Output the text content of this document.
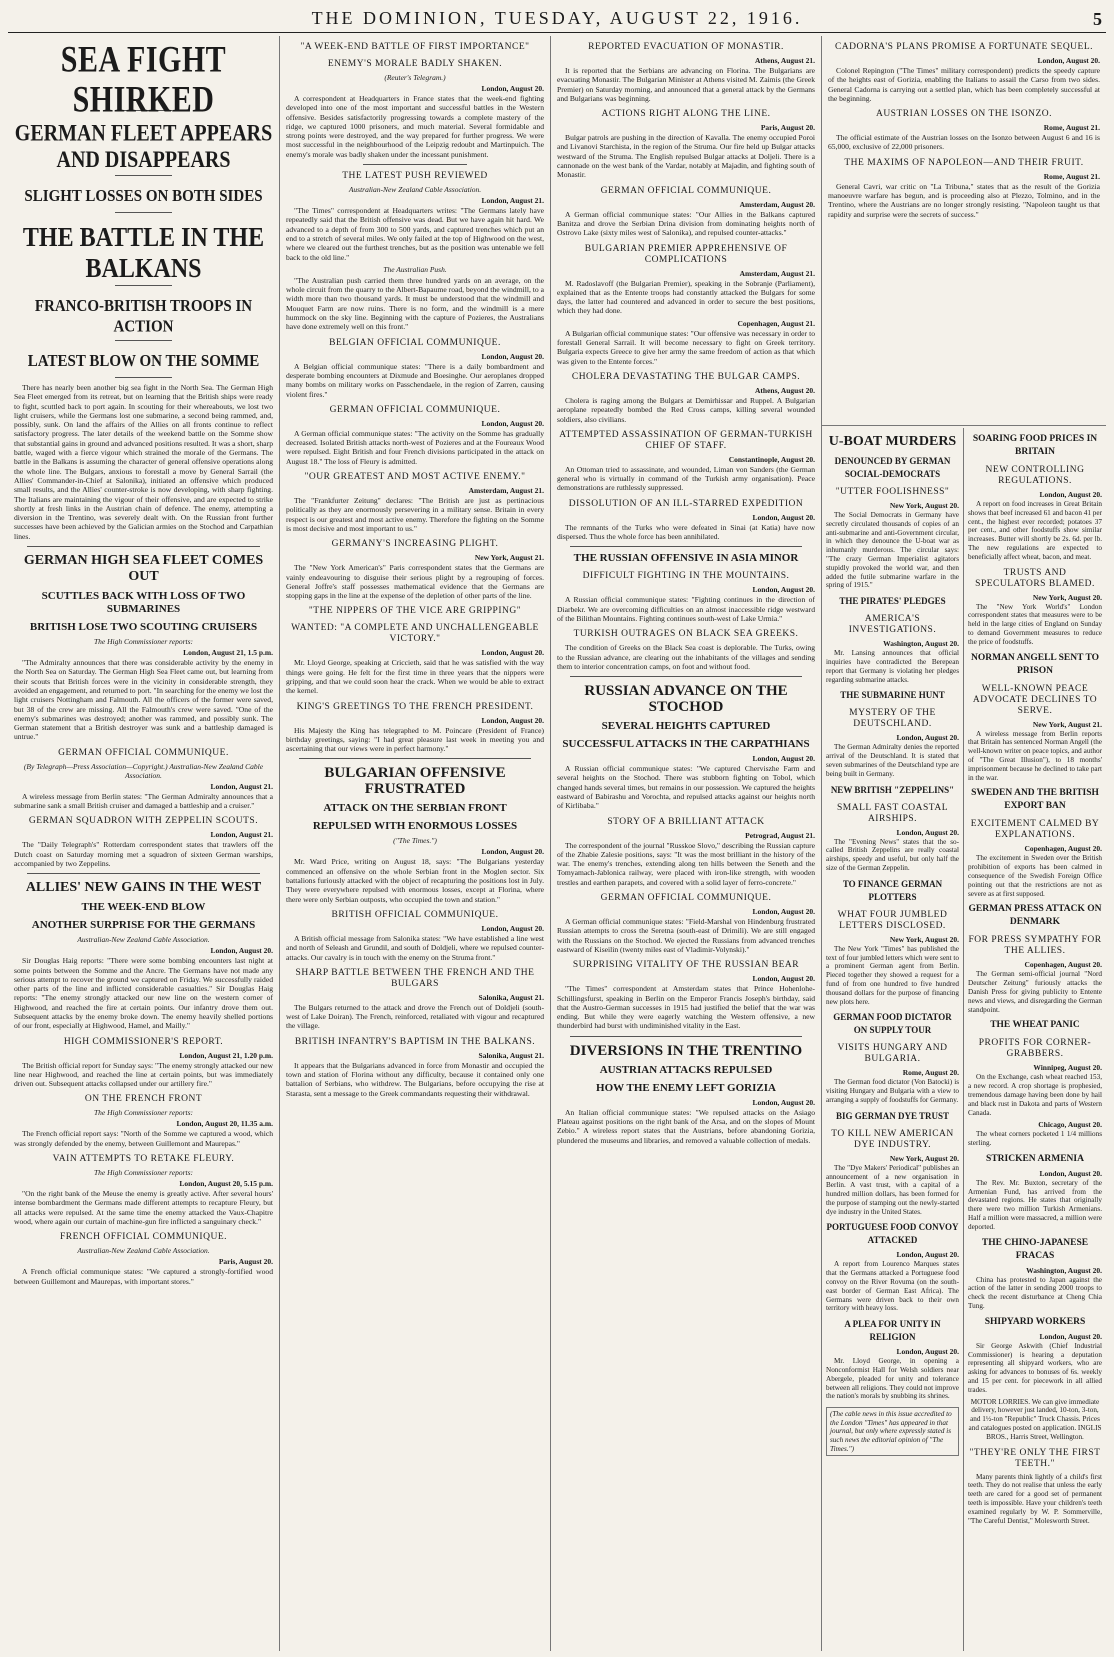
THE DOMINION, TUESDAY, AUGUST 22, 1916.	5
SEA FIGHT SHIRKED
GERMAN FLEET APPEARS AND DISAPPEARS
SLIGHT LOSSES ON BOTH SIDES
THE BATTLE IN THE BALKANS
FRANCO-BRITISH TROOPS IN ACTION
LATEST BLOW ON THE SOMME
There has nearly been another big sea fight in the North Sea. The German High Sea Fleet emerged from its retreat, but on learning that the British ships were ready to fight, scuttled back to port again. In scouting for their whereabouts, we lost two light cruisers, while the Germans lost one submarine, a second being rammed, and, possibly, sunk. On land the affairs of the Allies on all fronts continue to reflect satisfactory progress. The later details of the weekend battle on the Somme show that substantial gains in ground and advanced positions resulted. It was a short, sharp battle, waged with a fierce vigour which strained the morale of the Germans. The battle in the Balkans is assuming the character of general offensive operations along the whole line. The Bulgars, anxious to forestall a move by General Sarrail (the Allies' Commander-in-Chief at Salonika), initiated an offensive which produced small results, and the Allies' counter-stroke is now developing, with sharp fighting. The Italians are maintaining the vigour of their offensive, and are expected to strike shortly at fresh links in the Austrian chain of defence. The enemy, attempting a diversion in the Trentino, was severely dealt with. On the Russian front further successes have been achieved by the Galician armies on the Stochod and Carpathian lines.
GERMAN HIGH SEA FLEET COMES OUT
SCUTTLES BACK WITH LOSS OF TWO SUBMARINES
BRITISH LOSE TWO SCOUTING CRUISERS
The High Commissioner reports:
London, August 21, 1.5 p.m.
"The Admiralty announces that there was considerable activity by the enemy in the North Sea on Saturday. The German High Sea Fleet came out, but learning from their scouts that British forces were in the vicinity in considerable strength, they avoided an engagement, and returned to port. "In searching for the enemy we lost the light cruisers Nottingham and Falmouth. All the officers of the former were saved, but 38 of the crew are missing. All the Falmouth's crew were saved. "One of the enemy's submarines was destroyed; another was rammed, and possibly sunk. The German statement that a British destroyer was sunk and a battleship damaged is untrue."
GERMAN OFFICIAL COMMUNIQUE.
(By Telegraph—Press Association—Copyright.) Australian-New Zealand Cable Association.
London, August 21.
A wireless message from Berlin states: "The German Admiralty announces that a submarine sank a small British cruiser and damaged a battleship and a cruiser."
GERMAN SQUADRON WITH ZEPPELIN SCOUTS.
London, August 21.
The "Daily Telegraph's" Rotterdam correspondent states that trawlers off the Dutch coast on Saturday morning met a squadron of sixteen German warships, accompanied by two Zeppelins.
ALLIES' NEW GAINS IN THE WEST
THE WEEK-END BLOW
ANOTHER SURPRISE FOR THE GERMANS
Australian-New Zealand Cable Association.
London, August 20.
Sir Douglas Haig reports: "There were some bombing encounters last night at some points between the Somme and the Ancre. The Germans have not made any serious attempt to recover the ground we captured on Friday. We successfully raided other parts of the line and inflicted considerable casualties." Sir Douglas Haig reports: "The enemy strongly attacked our new line on the western corner of Highwood, and reached the fire at certain points. Our infantry drove them out. Subsequent attacks by the enemy broke down. The enemy heavily shelled portions of our front, especially at Highwood, Hamel, and Mailly."
HIGH COMMISSIONER'S REPORT.
London, August 21, 1.20 p.m.
The British official report for Sunday says: "The enemy strongly attacked our new line near Highwood, and reached the line at certain points, but was immediately driven out. Subsequent attacks collapsed under our artillery fire."
ON THE FRENCH FRONT
The High Commissioner reports:
London, August 20, 11.35 a.m.
The French official report says: "North of the Somme we captured a wood, which was strongly defended by the enemy, between Guillemont and Maurepas."
VAIN ATTEMPTS TO RETAKE FLEURY.
The High Commissioner reports:
London, August 20, 5.15 p.m.
"On the right bank of the Meuse the enemy is greatly active. After several hours' intense bombardment the Germans made different attempts to recapture Fleury, but all attacks were repulsed. At the same time the enemy attacked the Vaux-Chapitre wood, where again our curtain of machine-gun fire inflicted a sanguinary check."
FRENCH OFFICIAL COMMUNIQUE.
Australian-New Zealand Cable Association.
Paris, August 20.
A French official communique states: "We captured a strongly-fortified wood between Guillemont and Maurepas, with important stores."
"A WEEK-END BATTLE OF FIRST IMPORTANCE"
ENEMY'S MORALE BADLY SHAKEN.
(Reuter's Telegram.)
London, August 20.
A correspondent at Headquarters in France states that the week-end fighting developed into one of the most important and successful battles in the Western offensive. Besides satisfactorily progressing towards a complete mastery of the ridge, we captured 1000 prisoners, and much material. Several formidable and strong points were destroyed, and the way prepared for further progress. We were most successful in the neighbourhood of the Leipzig redoubt and Martinpuich. The enemy's morale was badly shaken under the incessant punishment.
THE LATEST PUSH REVIEWED
Australian-New Zealand Cable Association.
London, August 21.
"The Times" correspondent at Headquarters writes: "The Germans lately have repeatedly said that the British offensive was dead. But we have again hit hard. We advanced to a depth of from 300 to 500 yards, and captured trenches which put an end to a stretch of several miles. We only failed at the top of Highwood on the west, where we cleared out the furthest trenches, but as the position was untenable we fell back to the old line."
The Australian Push.
"The Australian push carried them three hundred yards on an average, on the whole circuit from the quarry to the Albert-Bapaume road, beyond the windmill, to a width more than two thousand yards. It must be understood that the windmill and Mouquet Farm are now ruins. There is no form, and the windmill is a mere hummock on the sky line. Beginning with the capture of Pozieres, the Australians have done extremely well on this front."
BELGIAN OFFICIAL COMMUNIQUE.
London, August 20.
A Belgian official communique states: "There is a daily bombardment and desperate bombing encounters at Dixmude and Boesinghe. Our aeroplanes dropped many bombs on military works on Passchendaele, in the region of Zarren, causing violent fires."
GERMAN OFFICIAL COMMUNIQUE.
London, August 20.
A German official communique states: "The activity on the Somme has gradually decreased. Isolated British attacks north-west of Pozieres and at the Foureaux Wood were repulsed. Eight British and four French divisions participated in the attack on August 18." The loss of Fleury is admitted.
"OUR GREATEST AND MOST ACTIVE ENEMY."
Amsterdam, August 21.
The "Frankfurter Zeitung" declares: "The British are just as pertinacious politically as they are enormously persevering in a military sense. Britain in every respect is our greatest and most active enemy. Therefore the fighting on the Somme is most decisive and most important to us."
GERMANY'S INCREASING PLIGHT.
New York, August 21.
The "New York American's" Paris correspondent states that the Germans are vainly endeavouring to disguise their serious plight by a regrouping of forces. General Joffre's staff possesses mathematical evidence that the Germans are stopping gaps in the line at the expense of the depletion of other parts of the line.
"THE NIPPERS OF THE VICE ARE GRIPPING"
WANTED: "A COMPLETE AND UNCHALLENGEABLE VICTORY."
London, August 20.
Mr. Lloyd George, speaking at Criccieth, said that he was satisfied with the way things were going. He felt for the first time in three years that the nippers were gripping, and that we could soon hear the crack. When we would be able to extract the kernel.
KING'S GREETINGS TO THE FRENCH PRESIDENT.
London, August 20.
His Majesty the King has telegraphed to M. Poincare (President of France) birthday greetings, saying: "I had great pleasure last week in meeting you and ascertaining that our views were in perfect harmony."
BULGARIAN OFFENSIVE FRUSTRATED
ATTACK ON THE SERBIAN FRONT
REPULSED WITH ENORMOUS LOSSES
("The Times.")
London, August 20.
Mr. Ward Price, writing on August 18, says: "The Bulgarians yesterday commenced an offensive on the whole Serbian front in the Moglen sector. Six battalions furiously attacked with the object of recapturing the positions lost in July. They were everywhere repulsed with enormous losses, except at Florina, where there were only Serbian outposts, who occupied the town and station."
BRITISH OFFICIAL COMMUNIQUE.
London, August 20.
A British official message from Salonika states: "We have established a line west and north of Seleash and Grundil, and south of Doldjeli, where we repulsed counter-attacks. Our cavalry is in touch with the enemy on the Struma front."
SHARP BATTLE BETWEEN THE FRENCH AND THE BULGARS
Salonika, August 21.
The Bulgars returned to the attack and drove the French out of Doldjeli (south-west of Lake Doiran). The French, reinforced, retaliated with vigour and recaptured the village.
BRITISH INFANTRY'S BAPTISM IN THE BALKANS.
Salonika, August 21.
It appears that the Bulgarians advanced in force from Monastir and occupied the town and station of Florina without any difficulty, because it contained only one battalion of Serbians, who withdrew. The Bulgarians, before occupying the rise at Starasta, sent a message to the Greek commandants requesting their withdrawal.
REPORTED EVACUATION OF MONASTIR.
Athens, August 21.
It is reported that the Serbians are advancing on Florina. The Bulgarians are evacuating Monastir. The Bulgarian Minister at Athens visited M. Zaimis (the Greek Premier) on Saturday morning, and announced that a general attack by the Germans and Bulgarians was beginning.
ACTIONS RIGHT ALONG THE LINE.
Paris, August 20.
Bulgar patrols are pushing in the direction of Kavalla. The enemy occupied Poroi and Livanovi Starchista, in the region of the Struma. Our fire held up Bulgar attacks westward of the Struma. The English repulsed Bulgar attacks at Doljeli. There is a cannonade on the west bank of the Vardar, notably at Majadin, and fighting south of Monastir.
GERMAN OFFICIAL COMMUNIQUE.
Amsterdam, August 20.
A German official communique states: "Our Allies in the Balkans captured Banitza and drove the Serbian Drina division from dominating heights north of Ostrovo Lake (sixty miles west of Salonika), and repulsed counter-attacks."
BULGARIAN PREMIER APPREHENSIVE OF COMPLICATIONS
Amsterdam, August 21.
M. Radoslavoff (the Bulgarian Premier), speaking in the Sobranje (Parliament), explained that as the Entente troops had constantly attacked the Bulgars for some days, the latter had countered and advanced in order to secure the best positions, which they had done.
Copenhagen, August 21.
A Bulgarian official communique states: "Our offensive was necessary in order to forestall General Sarrail. It will become necessary to fight on Greek territory. Bulgaria expects Greece to give her army the same freedom of action as that which was given to the Entente forces."
CHOLERA DEVASTATING THE BULGAR CAMPS.
Athens, August 20.
Cholera is raging among the Bulgars at Demirhissar and Ruppel. A Bulgarian aeroplane repeatedly bombed the Red Cross camps, killing several wounded soldiers, also civilians.
ATTEMPTED ASSASSINATION OF GERMAN-TURKISH CHIEF OF STAFF.
Constantinople, August 20.
An Ottoman tried to assassinate, and wounded, Liman von Sanders (the German general who is virtually in command of the Turkish army organisation). Peace demonstrations are ruthlessly suppressed.
DISSOLUTION OF AN ILL-STARRED EXPEDITION
London, August 20.
The remnants of the Turks who were defeated in Sinai (at Katia) have now dispersed. Thus the whole force has been annihilated.
THE RUSSIAN OFFENSIVE IN ASIA MINOR
DIFFICULT FIGHTING IN THE MOUNTAINS.
London, August 20.
A Russian official communique states: "Fighting continues in the direction of Diarbekr. We are overcoming difficulties on an almost inaccessible ridge westward of the Bilithan Mountains. Fighting continues south-west of Lake Urmia."
TURKISH OUTRAGES ON BLACK SEA GREEKS.
The condition of Greeks on the Black Sea coast is deplorable. The Turks, owing to the Russian advance, are clearing out the inhabitants of the villages and sending them to interior concentration camps, on foot and without food.
RUSSIAN ADVANCE ON THE STOCHOD
SEVERAL HEIGHTS CAPTURED
SUCCESSFUL ATTACKS IN THE CARPATHIANS
London, August 20.
A Russian official communique states: "We captured Cherviszhe Farm and several heights on the Stochod. There was stubborn fighting on Tobol, which changed hands several times, but remains in our possession. We captured the heights eastward of Babirashu and Vorochta, and repulsed attacks against our heights north of Kirlibaba."
STORY OF A BRILLIANT ATTACK
Petrograd, August 21.
The correspondent of the journal "Russkoe Slovo," describing the Russian capture of the Zhabie Zalesie positions, says: "It was the most brilliant in the history of the war. The enemy's trenches, extending along ten hills between the Seneth and the Tomyamach-Jablonica railway, were placed with iron-like strength, with wooden trestles and earthen parapets, and covered with a solid layer of ferro-concrete."
GERMAN OFFICIAL COMMUNIQUE.
London, August 20.
A German official communique states: "Field-Marshal von Hindenburg frustrated Russian attempts to cross the Seretna (south-east of Drimili). We are still engaged with the Russians on the Stochod. We ejected the Russians from advanced trenches eastward of Kiseilin (twenty miles east of Vladimir-Volynski)."
SURPRISING VITALITY OF THE RUSSIAN BEAR
London, August 20.
"The Times" correspondent at Amsterdam states that Prince Hohenlohe-Schillingsfurst, speaking in Berlin on the Emperor Francis Joseph's birthday, said that the Austro-German successes in 1915 had justified the belief that the war was ending. But while they were eagerly watching the Western offensive, a new thunderbird had burst with undiminished vitality in the East.
DIVERSIONS IN THE TRENTINO
AUSTRIAN ATTACKS REPULSED
HOW THE ENEMY LEFT GORIZIA
London, August 20.
An Italian official communique states: "We repulsed attacks on the Asiago Plateau against positions on the right bank of the Arsa, and on the slopes of Mount Zebio." A wireless report states that the Austrians, before abandoning Gorizia, plundered the museums and libraries, and removed a valuable collection of medals.
CADORNA'S PLANS PROMISE A FORTUNATE SEQUEL.
London, August 20.
Colonel Repington ("The Times" military correspondent) predicts the speedy capture of the heights east of Gorizia, enabling the Italians to assail the Carso from two sides. General Cadorna is carrying out a settled plan, which has been completely successful at the beginning.
AUSTRIAN LOSSES ON THE ISONZO.
Rome, August 21.
The official estimate of the Austrian losses on the Isonzo between August 6 and 16 is 65,000, exclusive of 22,000 prisoners.
THE MAXIMS OF NAPOLEON—AND THEIR FRUIT.
Rome, August 21.
General Cavri, war critic on "La Tribuna," states that as the result of the Gorizia manoeuvre warfare has begun, and is proceeding also at Plezzo, Tolmino, and in the Trentino, where the Austrians are no longer strongly resisting. "Napoleon taught us that rapidity and surprise were the secrets of success."
U-BOAT MURDERS
DENOUNCED BY GERMAN SOCIAL-DEMOCRATS
"UTTER FOOLISHNESS"
New York, August 20.
The Social Democrats in Germany have secretly circulated thousands of copies of an anti-submarine and anti-Government circular, in which they denounce the U-boat war as inhumanly murderous. The circular says: "The crazy German Imperialist agitators stupidly provoked the world war, and then added the futile submarine warfare in the spring of 1915."
THE PIRATES' PLEDGES
AMERICA'S INVESTIGATIONS.
Washington, August 20.
Mr. Lansing announces that official inquiries have contradicted the Berepean report that Germany is violating her pledges regarding submarine attacks.
THE SUBMARINE HUNT
MYSTERY OF THE DEUTSCHLAND.
London, August 20.
The German Admiralty denies the reported arrival of the Deutschland. It is stated that seven submarines of the Deutschland type are being built in Germany.
NEW BRITISH "ZEPPELINS"
SMALL FAST COASTAL AIRSHIPS.
London, August 20.
The "Evening News" states that the so-called British Zeppelins are really coastal airships, speedy and useful, but only half the size of the German Zeppelin.
TO FINANCE GERMAN PLOTTERS
WHAT FOUR JUMBLED LETTERS DISCLOSED.
New York, August 20.
The New York "Times" has published the text of four jumbled letters which were sent to a prominent German agent from Berlin. Pieced together they showed a request for a fund of from one hundred to five hundred thousand dollars for the purpose of financing new plots here.
GERMAN FOOD DICTATOR ON SUPPLY TOUR
VISITS HUNGARY AND BULGARIA.
Rome, August 20.
The German food dictator (Von Batocki) is visiting Hungary and Bulgaria with a view to arranging a supply of foodstuffs for Germany.
BIG GERMAN DYE TRUST
TO KILL NEW AMERICAN DYE INDUSTRY.
New York, August 20.
The "Dye Makers' Periodical" publishes an announcement of a new organisation in Berlin. A vast trust, with a capital of a hundred million dollars, has been formed for the purpose of stamping out the newly-started dye industry in the United States.
PORTUGUESE FOOD CONVOY ATTACKED
London, August 20.
A report from Lourenco Marques states that the Germans attacked a Portuguese food convoy on the River Rovuma (on the south-east border of German East Africa). The Germans were driven back to their own territory with heavy loss.
A PLEA FOR UNITY IN RELIGION
London, August 20.
Mr. Lloyd George, in opening a Nonconformist Hall for Welsh soldiers near Abergele, pleaded for unity and tolerance between all religions. They could not improve the nation's morals by snubbing its shrines.
(The cable news in this issue accredited to the London "Times" has appeared in that journal, but only where expressly stated is such news the editorial opinion of "The Times.")
SOARING FOOD PRICES IN BRITAIN
NEW CONTROLLING REGULATIONS.
London, August 20.
A report on food increases in Great Britain shows that beef increased 61 and bacon 41 per cent., the highest ever recorded; potatoes 37 per cent., and other foodstuffs show similar increases. Butter will shortly be 2s. 6d. per lb. The new regulations are expected to beneficially affect wheat, bacon, and meat.
TRUSTS AND SPECULATORS BLAMED.
New York, August 20.
The "New York World's" London correspondent states that measures were to be held in the large cities of England on Sunday to demand Government measures to reduce the price of foodstuffs.
NORMAN ANGELL SENT TO PRISON
WELL-KNOWN PEACE ADVOCATE DECLINES TO SERVE.
New York, August 21.
A wireless message from Berlin reports that Britain has sentenced Norman Angell (the well-known writer on peace topics, and author of "The Great Illusion"), to 18 months' imprisonment because he declined to take part in the war.
SWEDEN AND THE BRITISH EXPORT BAN
EXCITEMENT CALMED BY EXPLANATIONS.
Copenhagen, August 20.
The excitement in Sweden over the British prohibition of exports has been calmed in consequence of the Swedish Foreign Office pointing out that the restrictions are not as severe as at first supposed.
GERMAN PRESS ATTACK ON DENMARK
FOR PRESS SYMPATHY FOR THE ALLIES.
Copenhagen, August 20.
The German semi-official journal "Nord Deutscher Zeitung" furiously attacks the Danish Press for giving publicity to Entente news and views, and disregarding the German standpoint.
THE WHEAT PANIC
PROFITS FOR CORNER-GRABBERS.
Winnipeg, August 20.
On the Exchange, cash wheat reached 153, a new record. A crop shortage is prophesied, tremendous damage having been done by hail and black rust in Dakota and parts of Western Canada.
Chicago, August 20.
The wheat corners pocketed 1 1/4 millions sterling.
STRICKEN ARMENIA
London, August 20.
The Rev. Mr. Buxton, secretary of the Armenian Fund, has arrived from the devastated regions. He states that originally there were two million Turkish Armenians. Half a million were massacred, a million were deported.
THE CHINO-JAPANESE FRACAS
Washington, August 20.
China has protested to Japan against the action of the latter in sending 2000 troops to check the recent disturbance at Cheng Chia Tung.
SHIPYARD WORKERS
London, August 20.
Sir George Askwith (Chief Industrial Commissioner) is hearing a deputation representing all shipyard workers, who are asking for advances to bonuses of 6s. weekly and 15 per cent. for piecework in all allied trades.
MOTOR LORRIES. We can give immediate delivery, however just landed, 10-ton, 3-ton, and 1½-ton "Republic" Truck Chassis. Prices and catalogues posted on application. INGLIS BROS., Harris Street, Wellington.
"THEY'RE ONLY THE FIRST TEETH."
Many parents think lightly of a child's first teeth. They do not realise that unless the early teeth are cared for a good set of permanent teeth is impossible. Have your children's teeth examined regularly by W. P. Sommerville, "The Careful Dentist," Molesworth Street.
